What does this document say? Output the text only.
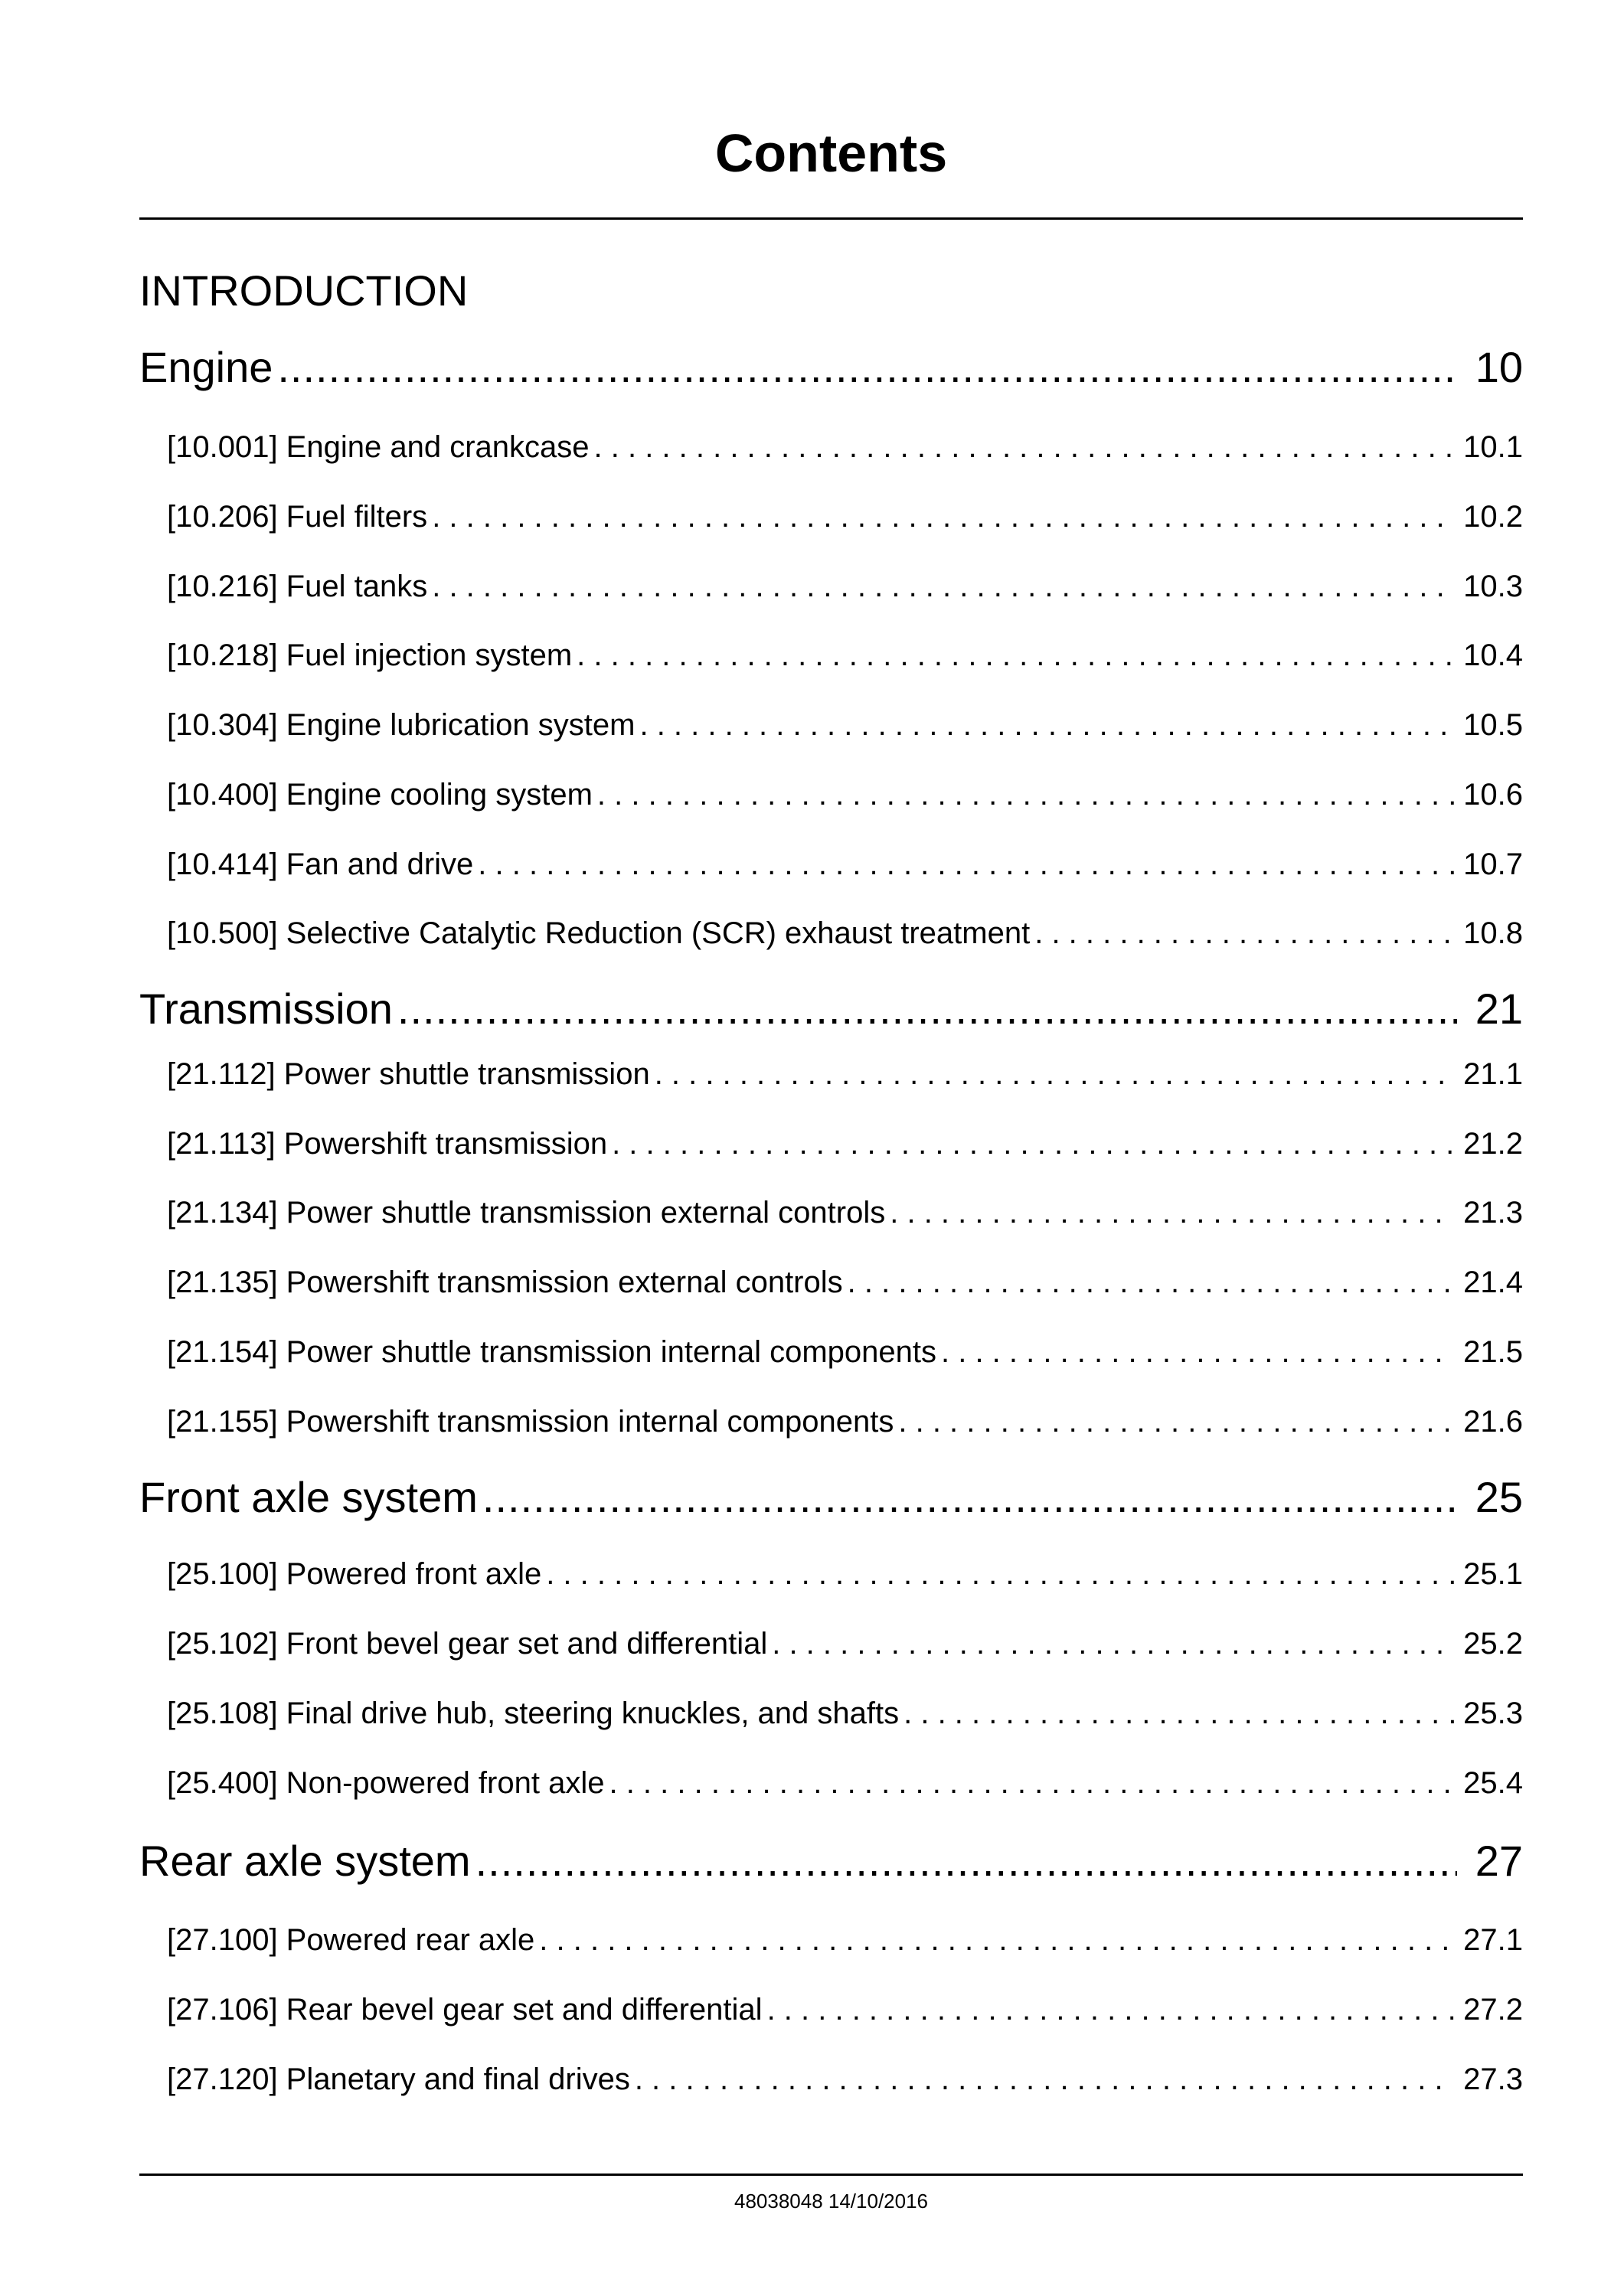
Contents
INTRODUCTION
Engine .....	10
[10.001] Engine and crankcase . . .	10.1
[10.206] Fuel filters . . .	10.2
[10.216] Fuel tanks . . .	10.3
[10.218] Fuel injection system . . .	10.4
[10.304] Engine lubrication system . . .	10.5
[10.400] Engine cooling system . . .	10.6
[10.414] Fan and drive . . .	10.7
[10.500] Selective Catalytic Reduction (SCR) exhaust treatment . . .	10.8
Transmission .....	21
[21.112] Power shuttle transmission . . .	21.1
[21.113] Powershift transmission . . .	21.2
[21.134] Power shuttle transmission external controls . . .	21.3
[21.135] Powershift transmission external controls . . .	21.4
[21.154] Power shuttle transmission internal components . . .	21.5
[21.155] Powershift transmission internal components . . .	21.6
Front axle system .....	25
[25.100] Powered front axle . . .	25.1
[25.102] Front bevel gear set and differential . . .	25.2
[25.108] Final drive hub, steering knuckles, and shafts . . .	25.3
[25.400] Non-powered front axle . . .	25.4
Rear axle system .....	27
[27.100] Powered rear axle . . .	27.1
[27.106] Rear bevel gear set and differential . . .	27.2
[27.120] Planetary and final drives . . .	27.3
48038048 14/10/2016
